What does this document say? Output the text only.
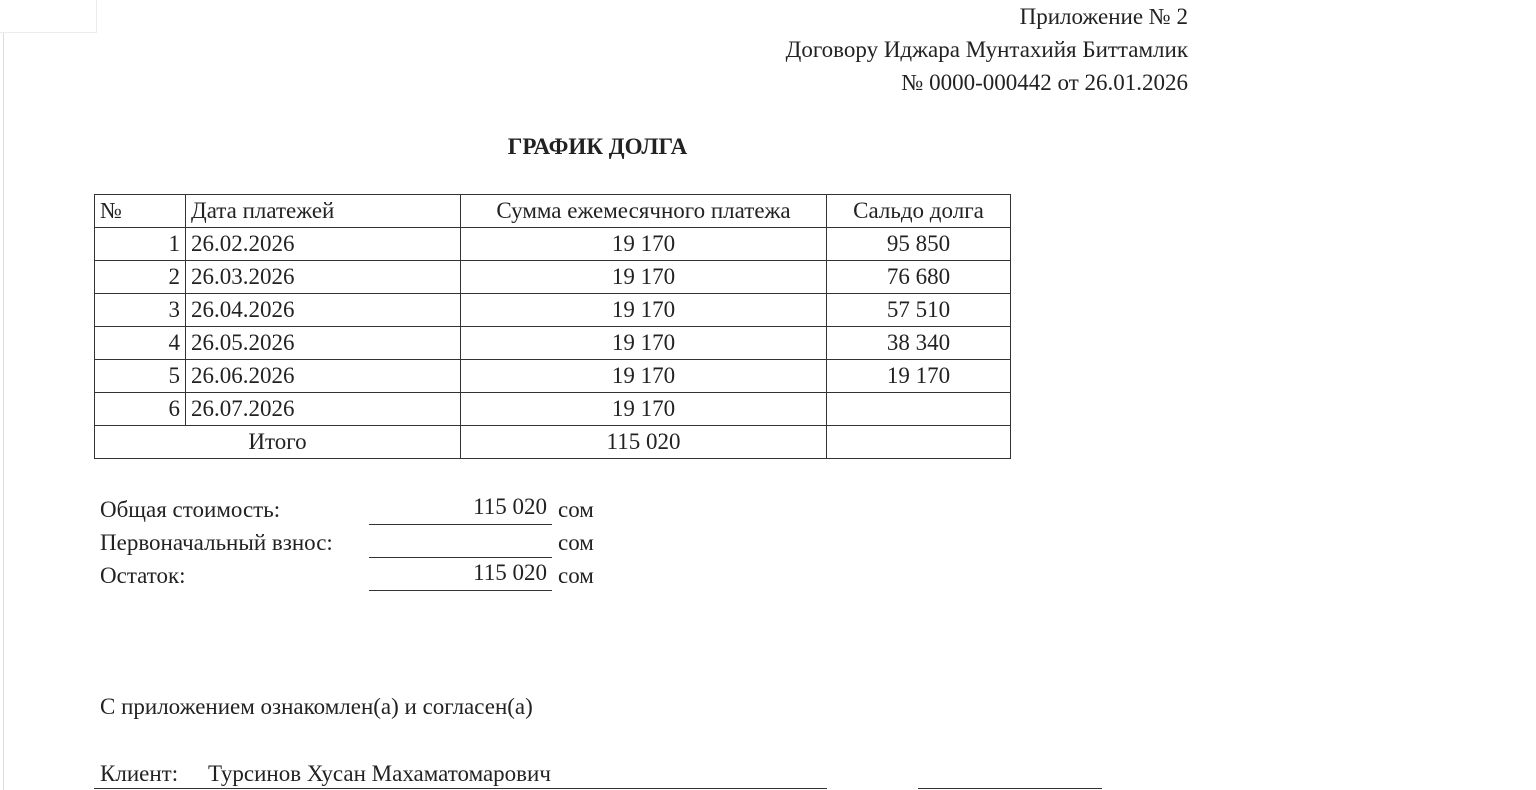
Приложение № 2
Договору Иджара Мунтахийя Биттамлик
№ 0000-000442 от 26.01.2026
ГРАФИК ДОЛГА
№	Дата платежей	Сумма ежемесячного платежа	Сальдо долга
1	26.02.2026	19 170	95 850
2	26.03.2026	19 170	76 680
3	26.04.2026	19 170	57 510
4	26.05.2026	19 170	38 340
5	26.06.2026	19 170	19 170
6	26.07.2026	19 170	
Итого		115 020	
Общая стоимость:	115 020 сом
Первоначальный взнос:	сом
Остаток:	115 020 сом
С приложением ознакомлен(а) и согласен(а)
Клиент: Турсинов Хусан Махаматомарович
